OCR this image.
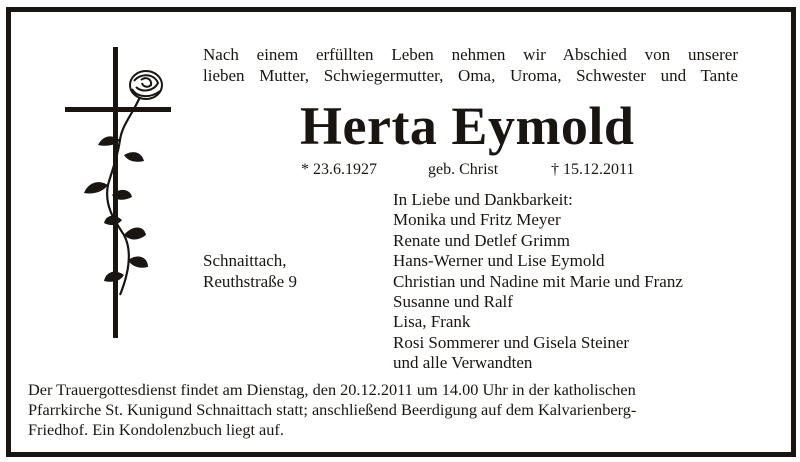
Nach einem erfüllten Leben nehmen wir Abschied von unserer
lieben Mutter, Schwiegermutter, Oma, Uroma, Schwester und Tante
Herta Eymold
* 23.6.1927	geb. Christ	† 15.12.2011
Schnaittach,
Reuthstraße 9
In Liebe und Dankbarkeit:
Monika und Fritz Meyer
Renate und Detlef Grimm
Hans-Werner und Lise Eymold
Christian und Nadine mit Marie und Franz
Susanne und Ralf
Lisa, Frank
Rosi Sommerer und Gisela Steiner
und alle Verwandten
Der Trauergottesdienst findet am Dienstag, den 20.12.2011 um 14.00 Uhr in der katholischen
Pfarrkirche St. Kunigund Schnaittach statt; anschließend Beerdigung auf dem Kalvarienberg-
Friedhof. Ein Kondolenzbuch liegt auf.
